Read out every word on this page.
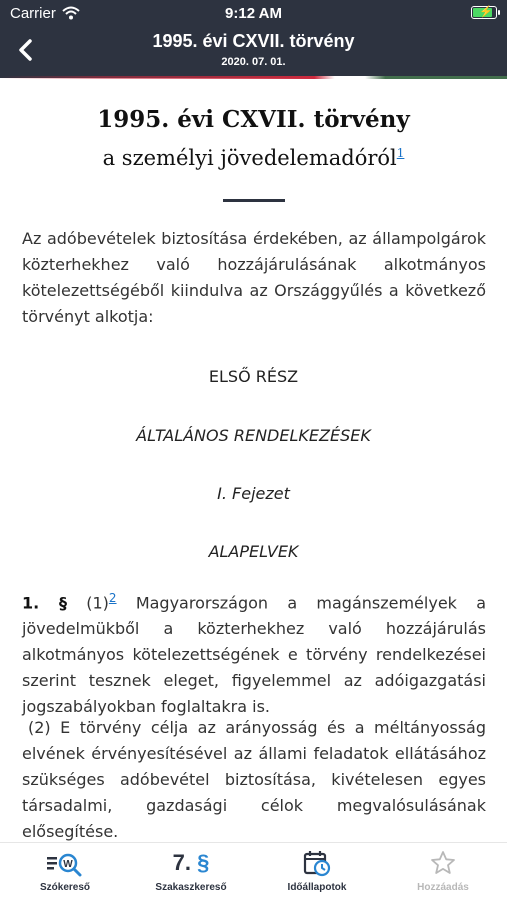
Carrier	9:12 AM	⚡
1995. évi CXVII. törvény
2020. 07. 01.
1995. évi CXVII. törvény
a személyi jövedelemadóról$^1$
Az adóbevételek biztosítása érdekében, az állampolgárok közterhekhez való hozzájárulásának alkotmányos kötelezettségéből kiindulva az Országgyűlés a következő törvényt alkotja:
ELSŐ RÉSZ
ÁLTALÁNOS RENDELKEZÉSEK
I. Fejezet
ALAPELVEK
1. § (1)$^2$ Magyarországon a magánszemélyek a jövedelmükből a közterhekhez való hozzájárulás alkotmányos kötelezettségének e törvény rendelkezései szerint tesznek eleget, figyelemmel az adóigazgatási jogszabályokban foglaltakra is.
(2) E törvény célja az arányosság és a méltányosság elvének érvényesítésével az állami feladatok ellátásához szükséges adóbevétel biztosítása, kivételesen egyes társadalmi, gazdasági célok megvalósulásának elősegítése.
W
Szókereső
7.
§
Szakaszkereső	Időállapotok	Hozzáadás
